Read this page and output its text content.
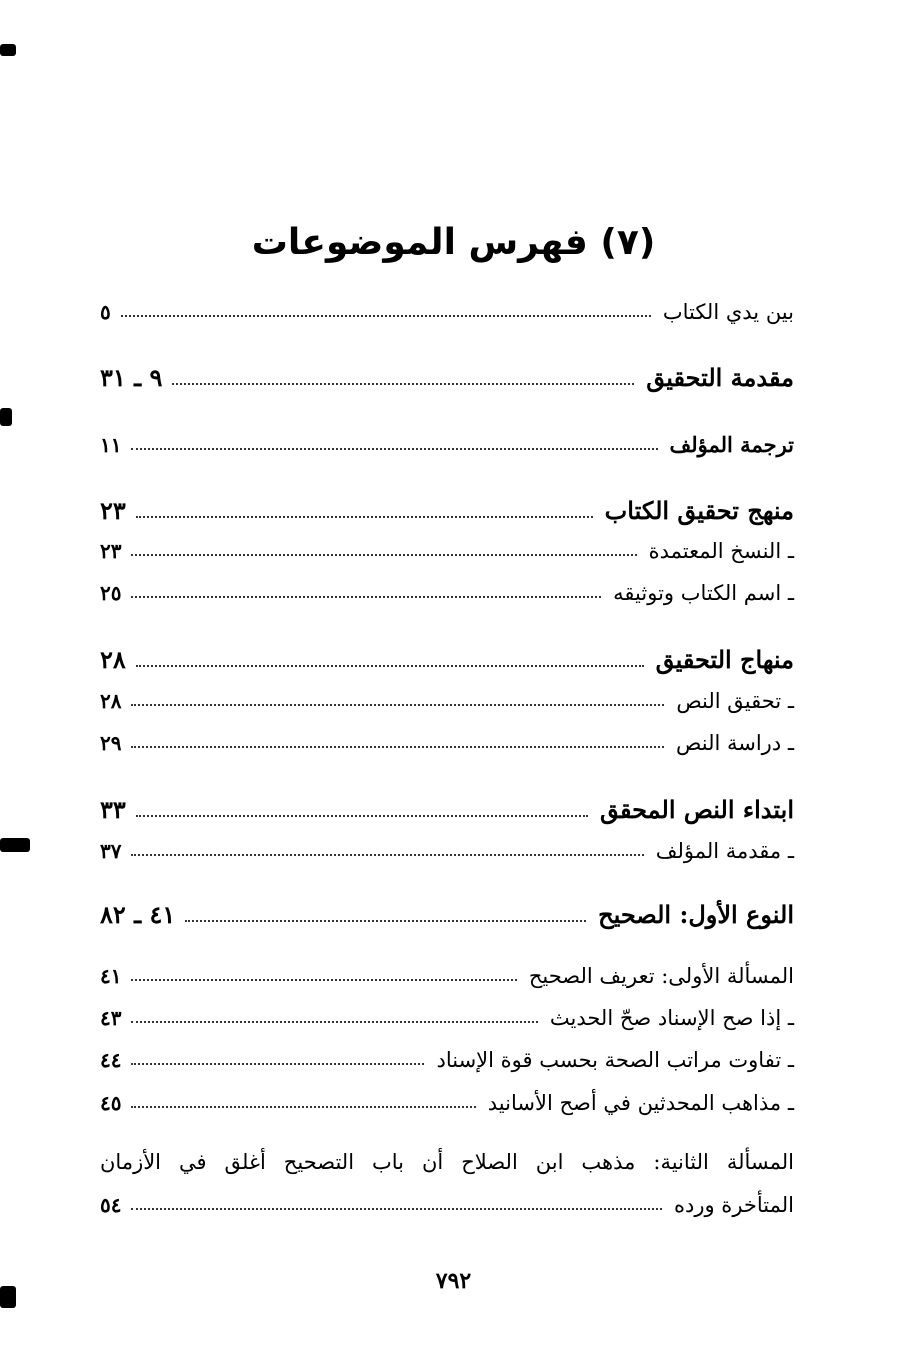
(٧) فهرس الموضوعات
بين يدي الكتاب
٥
مقدمة التحقيق
٩ ـ ٣١
ترجمة المؤلف
١١
منهج تحقيق الكتاب
٢٣
ـ النسخ المعتمدة
٢٣
ـ اسم الكتاب وتوثيقه
٢٥
منهاج التحقيق
٢٨
ـ تحقيق النص
٢٨
ـ دراسة النص
٢٩
ابتداء النص المحقق
٣٣
ـ مقدمة المؤلف
٣٧
النوع الأول: الصحيح
٤١ ـ ٨٢
المسألة الأولى: تعريف الصحيح
٤١
ـ إذا صح الإسناد صحّ الحديث
٤٣
ـ تفاوت مراتب الصحة بحسب قوة الإسناد
٤٤
ـ مذاهب المحدثين في أصح الأسانيد
٤٥
المسألة الثانية: مذهب ابن الصلاح أن باب التصحيح أغلق في الأزمان
المتأخرة ورده
٥٤
٧٩٢
